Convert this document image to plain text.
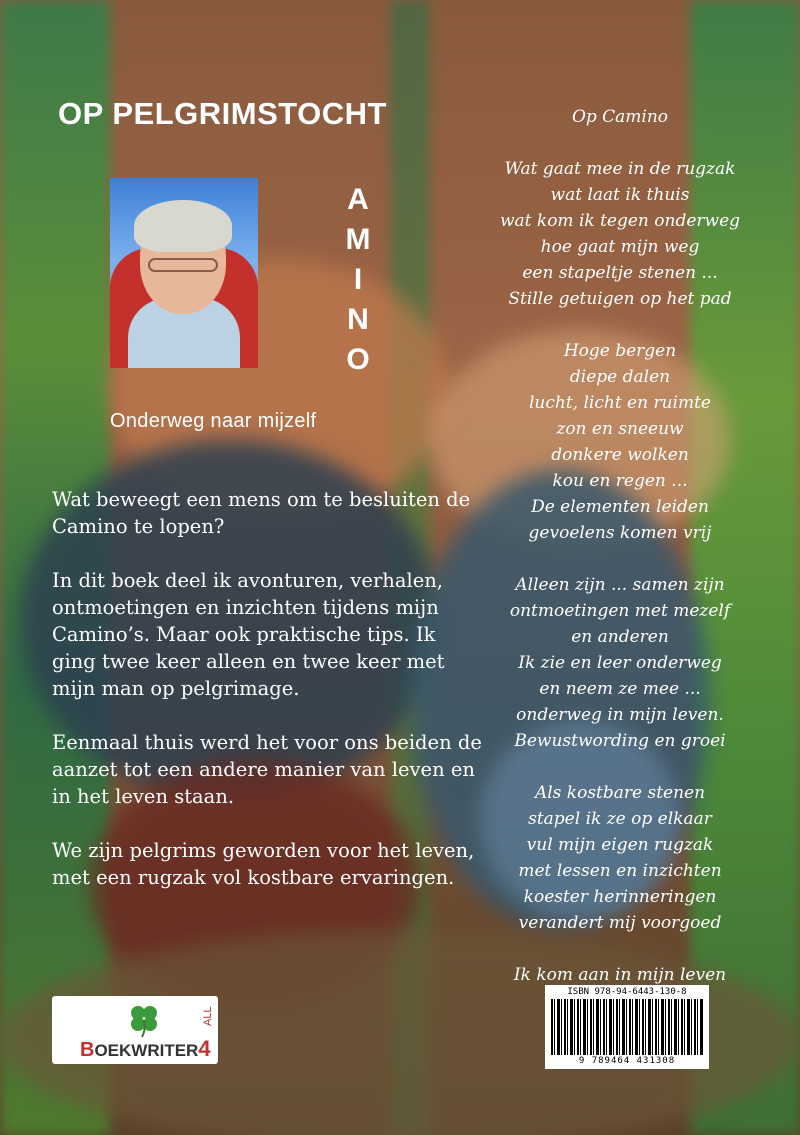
OP PELGRIMSTOCHT
A
M
I
N
O
Onderweg naar mijzelf

Wat beweegt een mens om te besluiten de Camino te lopen?

In dit boek deel ik avonturen, verhalen, ontmoetingen en inzichten tijdens mijn Camino’s. Maar ook praktische tips. Ik ging twee keer alleen en twee keer met mijn man op pelgrimage.

Eenmaal thuis werd het voor ons beiden de aanzet tot een andere manier van leven en in het leven staan.

We zijn pelgrims geworden voor het leven, met een rugzak vol kostbare ervaringen.

Op Camino
Wat gaat mee in de rugzak
wat laat ik thuis
wat kom ik tegen onderweg
hoe gaat mijn weg
een stapeltje stenen ...
Stille getuigen op het pad
Hoge bergen
diepe dalen
lucht, licht en ruimte
zon en sneeuw
donkere wolken
kou en regen ...
De elementen leiden
gevoelens komen vrij
Alleen zijn ... samen zijn
ontmoetingen met mezelf
en anderen
Ik zie en leer onderweg
en neem ze mee ...
onderweg in mijn leven.
Bewustwording en groei
Als kostbare stenen
stapel ik ze op elkaar
vul mijn eigen rugzak
met lessen en inzichten
koester herinneringen
verandert mij voorgoed
Ik kom aan in mijn leven
BOEKWRITER4
ALL
ISBN 978-94-6443-130-8
9 789464 431308
